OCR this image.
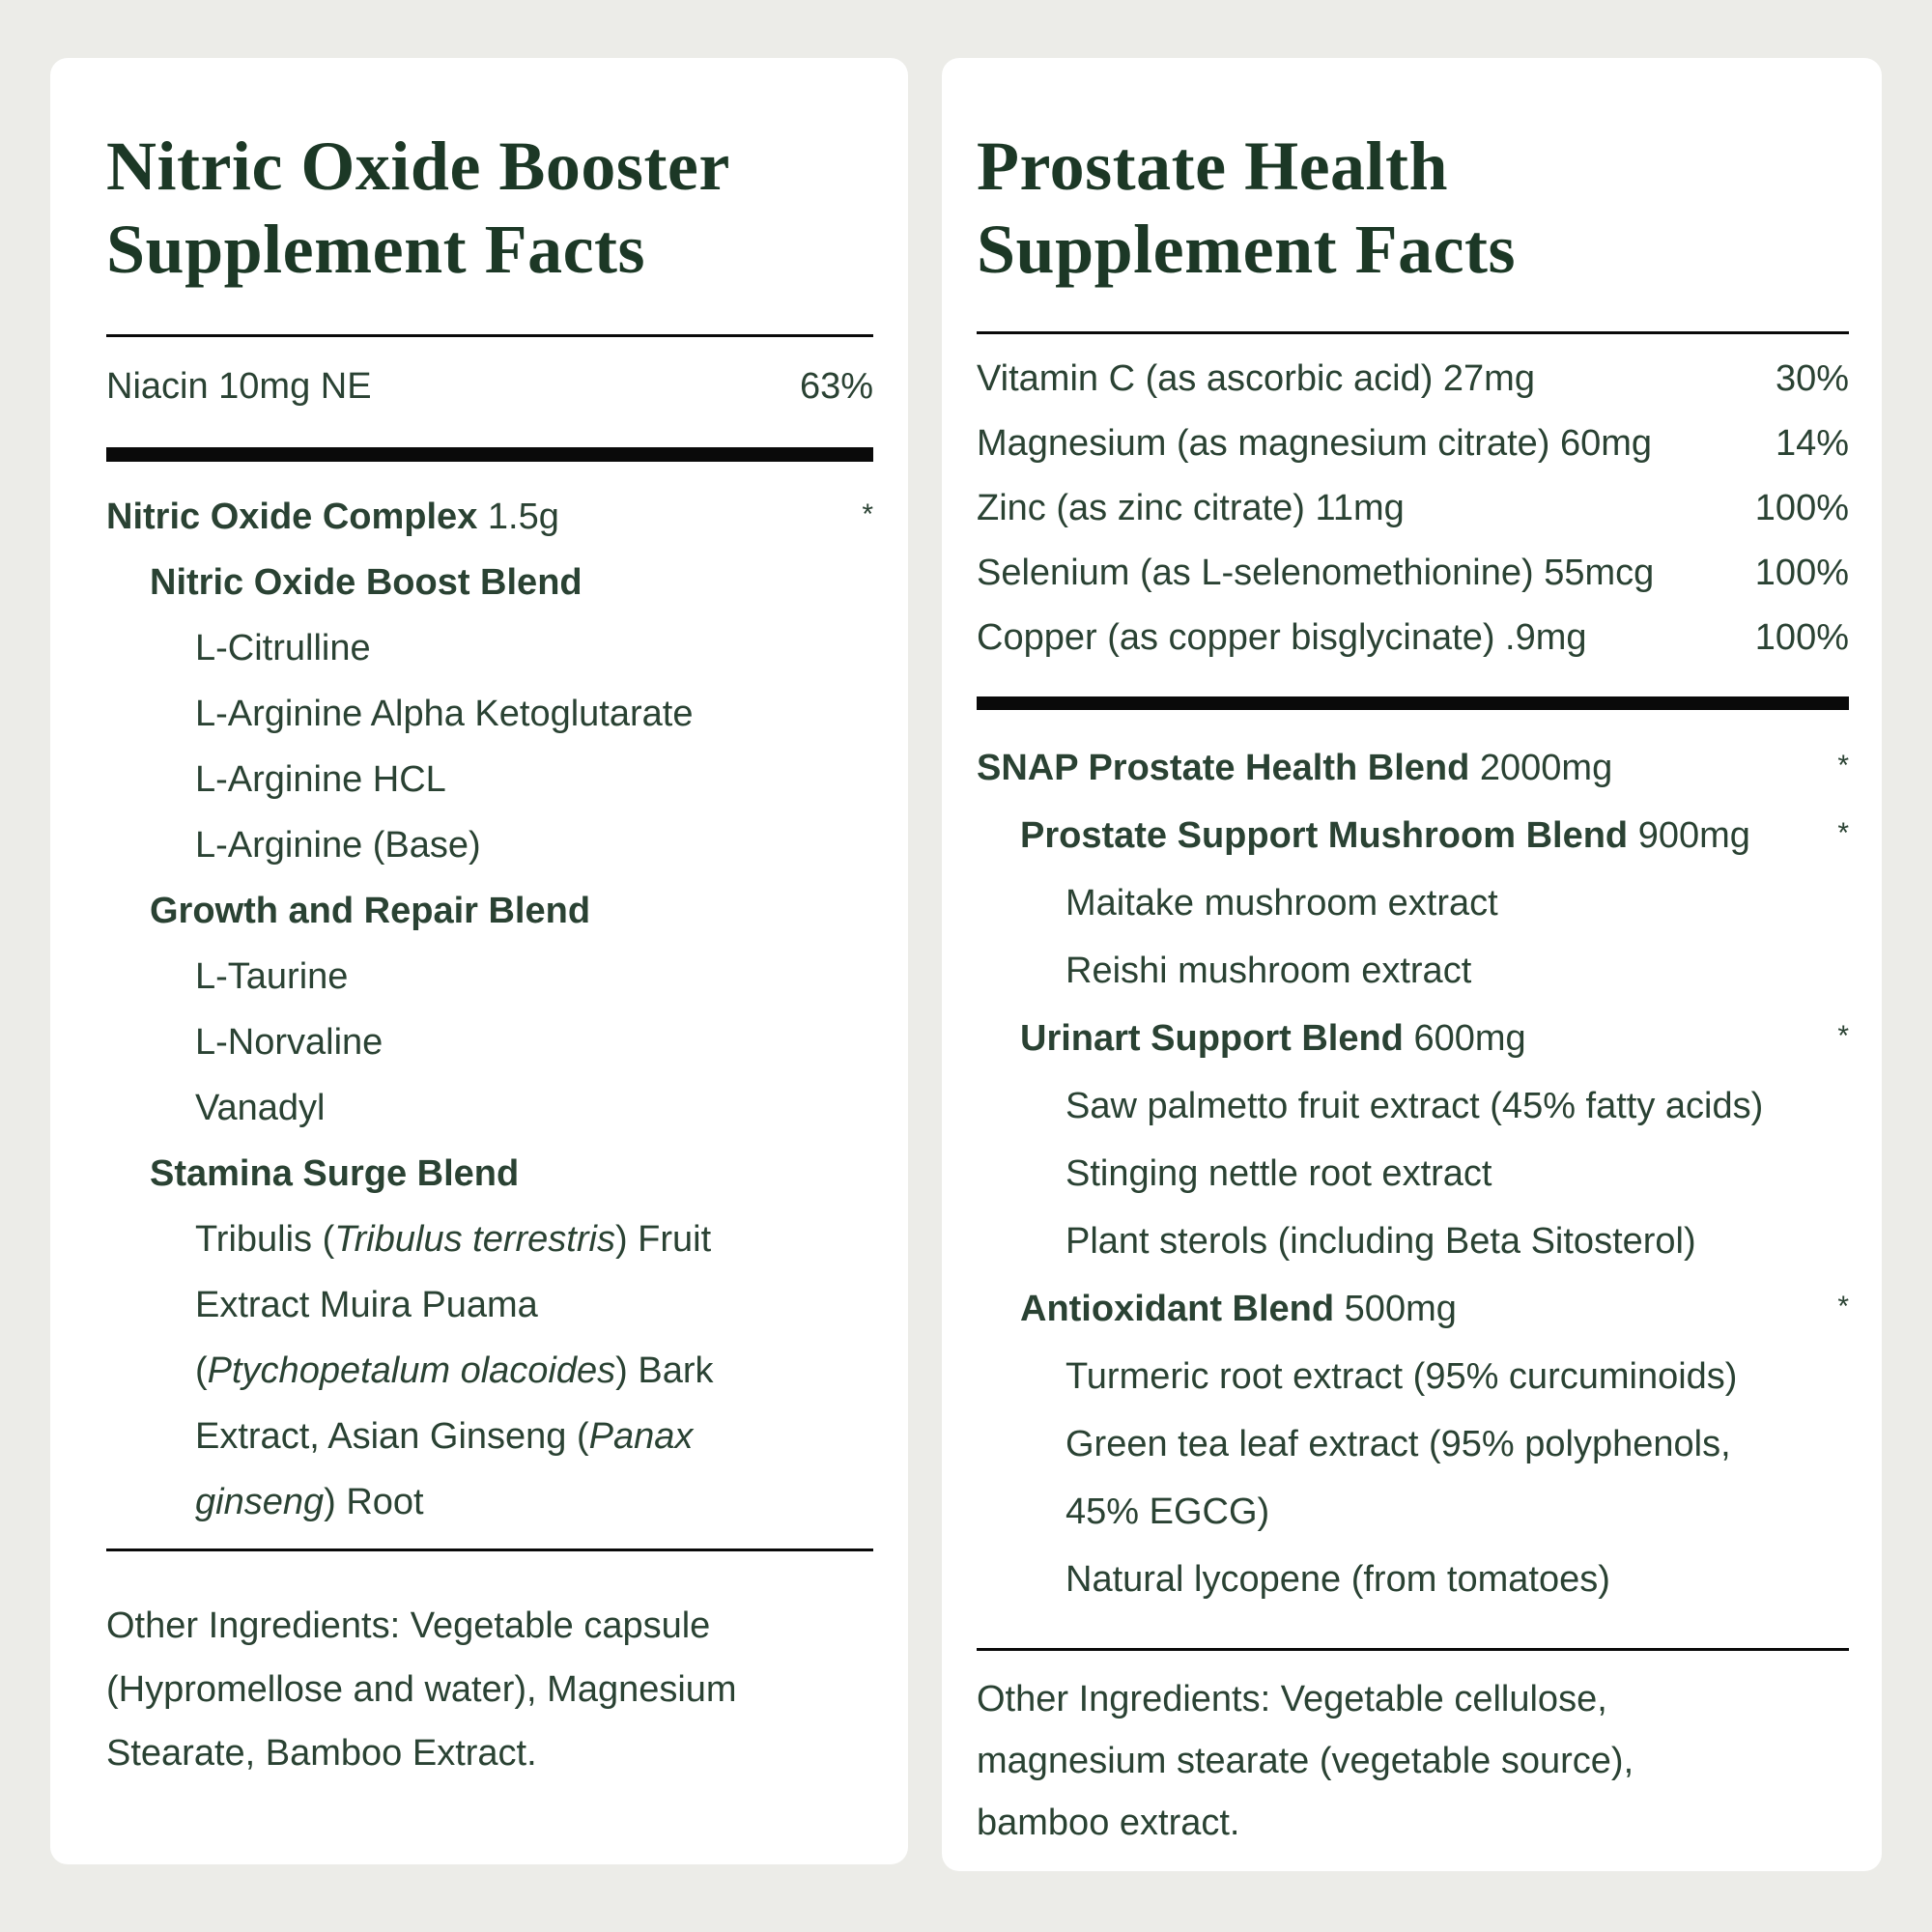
Nitric Oxide Booster
Supplement Facts
Niacin 10mg NE	63%
Nitric Oxide Complex 1.5g	*
Nitric Oxide Boost Blend
L-Citrulline
L-Arginine Alpha Ketoglutarate
L-Arginine HCL
L-Arginine (Base)
Growth and Repair Blend
L-Taurine
L-Norvaline
Vanadyl
Stamina Surge Blend
Tribulis (Tribulus terrestris) Fruit
Extract Muira Puama
(Ptychopetalum olacoides) Bark
Extract, Asian Ginseng (Panax
ginseng) Root
Other Ingredients: Vegetable capsule
(Hypromellose and water), Magnesium
Stearate, Bamboo Extract.
Prostate Health
Supplement Facts
Vitamin C (as ascorbic acid) 27mg	30%
Magnesium (as magnesium citrate) 60mg	14%
Zinc (as zinc citrate) 11mg	100%
Selenium (as L-selenomethionine) 55mcg	100%
Copper (as copper bisglycinate) .9mg	100%
SNAP Prostate Health Blend 2000mg	*
Prostate Support Mushroom Blend 900mg	*
Maitake mushroom extract
Reishi mushroom extract
Urinart Support Blend 600mg	*
Saw palmetto fruit extract (45% fatty acids)
Stinging nettle root extract
Plant sterols (including Beta Sitosterol)
Antioxidant Blend 500mg	*
Turmeric root extract (95% curcuminoids)
Green tea leaf extract (95% polyphenols,
45% EGCG)
Natural lycopene (from tomatoes)
Other Ingredients: Vegetable cellulose,
magnesium stearate (vegetable source),
bamboo extract.
